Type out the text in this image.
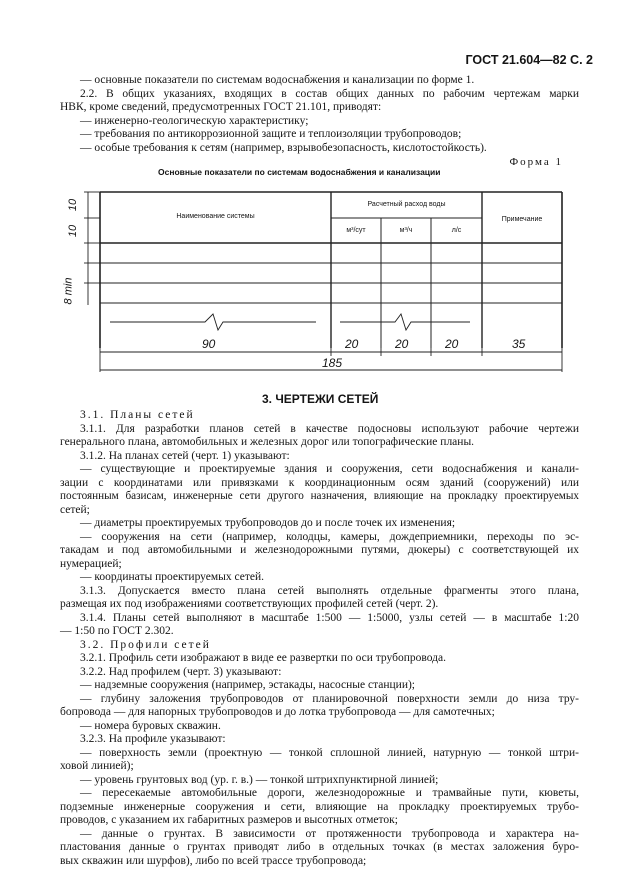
ГОСТ 21.604—82 С. 2
— основные показатели по системам водоснабжения и канализации по форме 1.
2.2. В общих указаниях, входящих в состав общих данных по рабочим чертежам марки
НВК, кроме сведений, предусмотренных ГОСТ 21.101, приводят:
— инженерно-геологическую характеристику;
— требования по антикоррозионной защите и теплоизоляции трубопроводов;
— особые требования к сетям (например, взрывобезопасность, кислотостойкость).
Форма 1
Основные показатели по системам водоснабжения и канализации
Наименование системы
Расчетный расход воды
м³/сут	м³/ч	л/с
Примечание
10
10
8 min
90	20	20	20	35
185
3. ЧЕРТЕЖИ СЕТЕЙ
3.1. Планы сетей
3.1.1. Для разработки планов сетей в качестве подосновы используют рабочие чертежи
генерального плана, автомобильных и железных дорог или топографические планы.
3.1.2. На планах сетей (черт. 1) указывают:
— существующие и проектируемые здания и сооружения, сети водоснабжения и канали-
зации с координатами или привязками к координационным осям зданий (сооружений) или
постоянным базисам, инженерные сети другого назначения, влияющие на прокладку проектируемых
сетей;
— диаметры проектируемых трубопроводов до и после точек их изменения;
— сооружения на сети (например, колодцы, камеры, дождеприемники, переходы по эс-
такадам и под автомобильными и железнодорожными путями, дюкеры) с соответствующей их
нумерацией;
— координаты проектируемых сетей.
3.1.3. Допускается вместо плана сетей выполнять отдельные фрагменты этого плана,
размещая их под изображениями соответствующих профилей сетей (черт. 2).
3.1.4. Планы сетей выполняют в масштабе 1:500 — 1:5000, узлы сетей — в масштабе 1:20
— 1:50 по ГОСТ 2.302.
3.2. Профили сетей
3.2.1. Профиль сети изображают в виде ее развертки по оси трубопровода.
3.2.2. Над профилем (черт. 3) указывают:
— надземные сооружения (например, эстакады, насосные станции);
— глубину заложения трубопроводов от планировочной поверхности земли до низа тру-
бопровода — для напорных трубопроводов и до лотка трубопровода — для самотечных;
— номера буровых скважин.
3.2.3. На профиле указывают:
— поверхность земли (проектную — тонкой сплошной линией, натурную — тонкой штри-
ховой линией);
— уровень грунтовых вод (ур. г. в.) — тонкой штрихпунктирной линией;
— пересекаемые автомобильные дороги, железнодорожные и трамвайные пути, кюветы,
подземные инженерные сооружения и сети, влияющие на прокладку проектируемых трубо-
проводов, с указанием их габаритных размеров и высотных отметок;
— данные о грунтах. В зависимости от протяженности трубопровода и характера на-
пластования данные о грунтах приводят либо в отдельных точках (в местах заложения буро-
вых скважин или шурфов), либо по всей трассе трубопровода;
